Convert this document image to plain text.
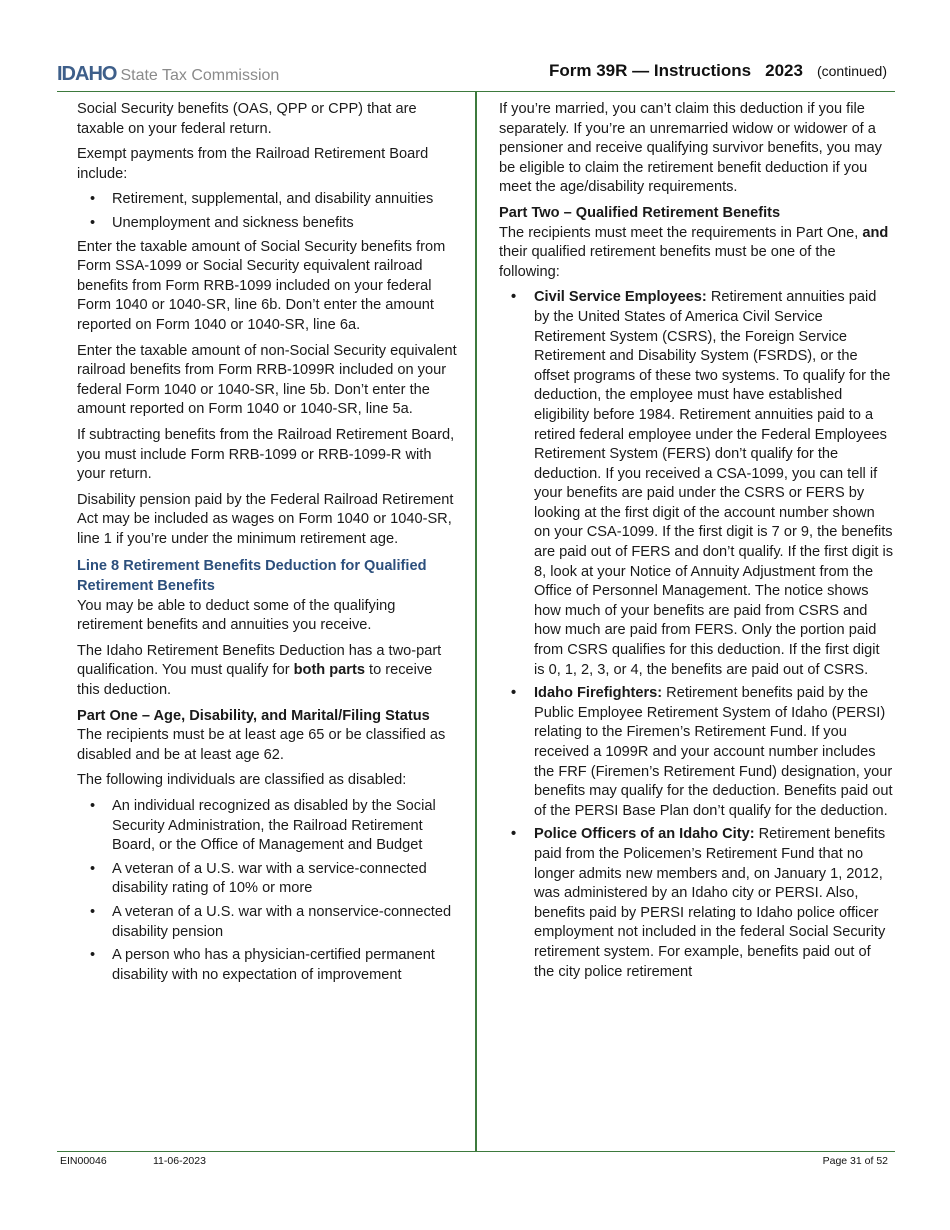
IDAHO State Tax Commission	Form 39R — Instructions 2023 (continued)

Social Security benefits (OAS, QPP or CPP) that are taxable on your federal return.

Exempt payments from the Railroad Retirement Board include:

• Retirement, supplemental, and disability annuities
• Unemployment and sickness benefits

Enter the taxable amount of Social Security benefits from Form SSA-1099 or Social Security equivalent railroad benefits from Form RRB-1099 included on your federal Form 1040 or 1040-SR, line 6b. Don’t enter the amount reported on Form 1040 or 1040-SR, line 6a.

Enter the taxable amount of non-Social Security equivalent railroad benefits from Form RRB-1099R included on your federal Form 1040 or 1040-SR, line 5b. Don’t enter the amount reported on Form 1040 or 1040-SR, line 5a.

If subtracting benefits from the Railroad Retirement Board, you must include Form RRB-1099 or RRB-1099-R with your return.

Disability pension paid by the Federal Railroad Retirement Act may be included as wages on Form 1040 or 1040-SR, line 1 if you’re under the minimum retirement age.

Line 8 Retirement Benefits Deduction for Qualified Retirement Benefits

You may be able to deduct some of the qualifying retirement benefits and annuities you receive.

The Idaho Retirement Benefits Deduction has a two-part qualification. You must qualify for both parts to receive this deduction.

Part One – Age, Disability, and Marital/Filing Status

The recipients must be at least age 65 or be classified as disabled and be at least age 62.

The following individuals are classified as disabled:

• An individual recognized as disabled by the Social Security Administration, the Railroad Retirement Board, or the Office of Management and Budget
• A veteran of a U.S. war with a service-connected disability rating of 10% or more
• A veteran of a U.S. war with a nonservice-connected disability pension
• A person who has a physician-certified permanent disability with no expectation of improvement

If you’re married, you can’t claim this deduction if you file separately. If you’re an unremarried widow or widower of a pensioner and receive qualifying survivor benefits, you may be eligible to claim the retirement benefit deduction if you meet the age/disability requirements.

Part Two – Qualified Retirement Benefits

The recipients must meet the requirements in Part One, and their qualified retirement benefits must be one of the following:

• Civil Service Employees: Retirement annuities paid by the United States of America Civil Service Retirement System (CSRS), the Foreign Service Retirement and Disability System (FSRDS), or the offset programs of these two systems. To qualify for the deduction, the employee must have established eligibility before 1984. Retirement annuities paid to a retired federal employee under the Federal Employees Retirement System (FERS) don’t qualify for the deduction. If you received a CSA-1099, you can tell if your benefits are paid under the CSRS or FERS by looking at the first digit of the account number shown on your CSA-1099. If the first digit is 7 or 9, the benefits are paid out of FERS and don’t qualify. If the first digit is 8, look at your Notice of Annuity Adjustment from the Office of Personnel Management. The notice shows how much of your benefits are paid from CSRS and how much are paid from FERS. Only the portion paid from CSRS qualifies for this deduction. If the first digit is 0, 1, 2, 3, or 4, the benefits are paid out of CSRS.
• Idaho Firefighters: Retirement benefits paid by the Public Employee Retirement System of Idaho (PERSI) relating to the Firemen’s Retirement Fund. If you received a 1099R and your account number includes the FRF (Firemen’s Retirement Fund) designation, your benefits may qualify for the deduction. Benefits paid out of the PERSI Base Plan don’t qualify for the deduction.
• Police Officers of an Idaho City: Retirement benefits paid from the Policemen’s Retirement Fund that no longer admits new members and, on January 1, 2012, was administered by an Idaho city or PERSI. Also, benefits paid by PERSI relating to Idaho police officer employment not included in the federal Social Security retirement system. For example, benefits paid out of the city police retirement
EIN00046	11-06-2023	Page 31 of 52
